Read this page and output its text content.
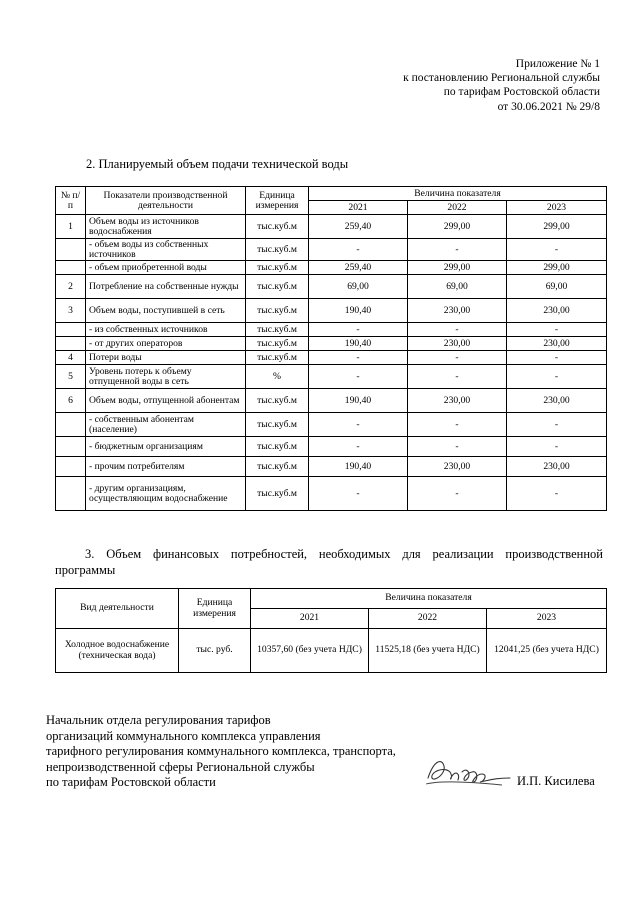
Приложение № 1
к постановлению Региональной службы
по тарифам Ростовской области
от 30.06.2021 № 29/8
2. Планируемый объем подачи технической воды
№ п/п	Показатели производственной деятельности	Единица измерения	Величина показателя		
			2021	2022	2023
1	Объем воды из источников водоснабжения	тыс.куб.м	259,40	299,00	299,00
	- объем воды из собственных источников	тыс.куб.м	-	-	-
	- объем приобретенной воды	тыс.куб.м	259,40	299,00	299,00
2	Потребление на собственные нужды	тыс.куб.м	69,00	69,00	69,00
3	Объем воды, поступившей в сеть	тыс.куб.м	190,40	230,00	230,00
	- из собственных источников	тыс.куб.м	-	-	-
	- от других операторов	тыс.куб.м	190,40	230,00	230,00
4	Потери воды	тыс.куб.м	-	-	-
5	Уровень потерь к объему отпущенной воды в сеть	%	-	-	-
6	Объем воды, отпущенной абонентам	тыс.куб.м	190,40	230,00	230,00
	- собственным абонентам (население)	тыс.куб.м	-	-	-
	- бюджетным организациям	тыс.куб.м	-	-	-
	- прочим потребителям	тыс.куб.м	190,40	230,00	230,00
	- другим организациям, осуществляющим водоснабжение	тыс.куб.м	-	-	-
3. Объем финансовых потребностей, необходимых для реализации производственной программы
Вид деятельности	Единица измерения	Величина показателя		
		2021	2022	2023
Холодное водоснабжение (техническая вода)	тыс. руб.	10357,60 (без учета НДС)	11525,18 (без учета НДС)	12041,25 (без учета НДС)
Начальник отдела регулирования тарифов
организаций коммунального комплекса управления
тарифного регулирования коммунального комплекса, транспорта,
непроизводственной сферы Региональной службы
по тарифам Ростовской области	И.П. Кисилева
